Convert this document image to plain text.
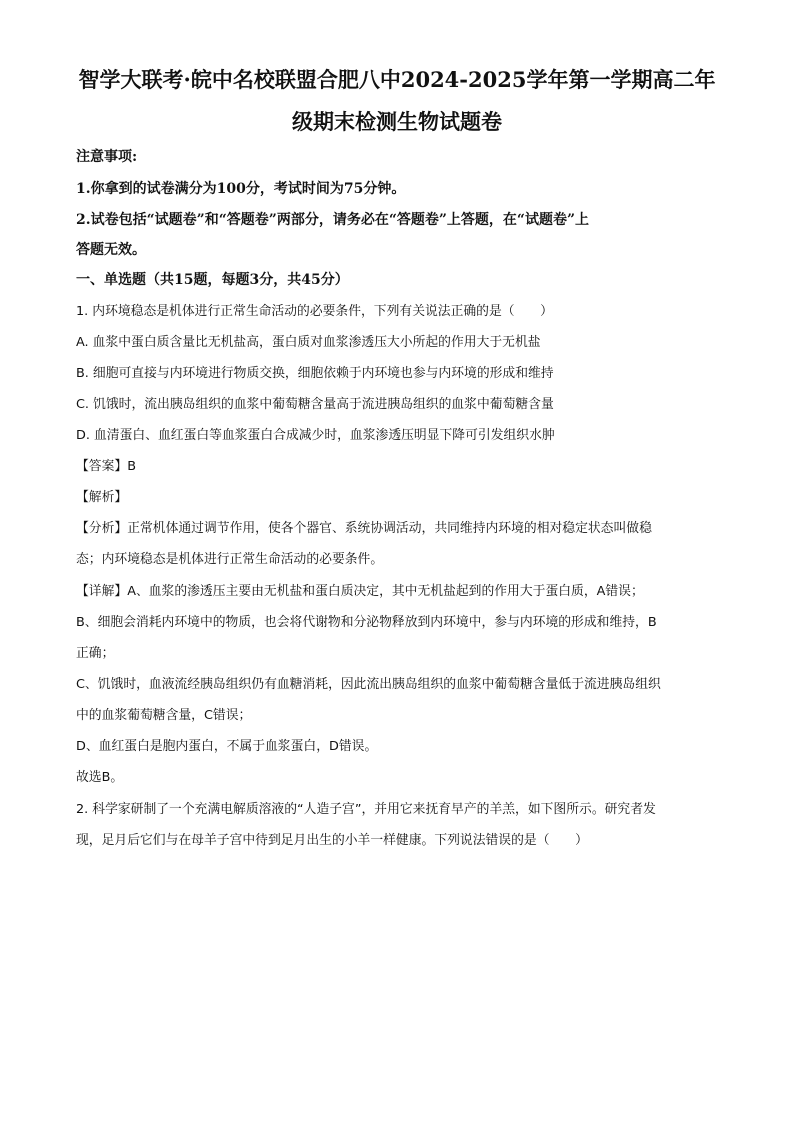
智学大联考·皖中名校联盟合肥八中2024-2025学年第一学期高二年
级期末检测生物试题卷
注意事项:
1.你拿到的试卷满分为100分，考试时间为75分钟。
2.试卷包括“试题卷”和“答题卷”两部分，请务必在“答题卷”上答题，在“试题卷”上
答题无效。
一、单选题（共15题，每题3分，共45分）
1. 内环境稳态是机体进行正常生命活动的必要条件，下列有关说法正确的是（　　）
A. 血浆中蛋白质含量比无机盐高，蛋白质对血浆渗透压大小所起的作用大于无机盐
B. 细胞可直接与内环境进行物质交换，细胞依赖于内环境也参与内环境的形成和维持
C. 饥饿时，流出胰岛组织的血浆中葡萄糖含量高于流进胰岛组织的血浆中葡萄糖含量
D. 血清蛋白、血红蛋白等血浆蛋白合成减少时，血浆渗透压明显下降可引发组织水肿
【答案】B
【解析】
【分析】正常机体通过调节作用，使各个器官、系统协调活动，共同维持内环境的相对稳定状态叫做稳
态；内环境稳态是机体进行正常生命活动的必要条件。
【详解】A、血浆的渗透压主要由无机盐和蛋白质决定，其中无机盐起到的作用大于蛋白质，A错误；
B、细胞会消耗内环境中的物质，也会将代谢物和分泌物释放到内环境中，参与内环境的形成和维持，B
正确；
C、饥饿时，血液流经胰岛组织仍有血糖消耗，因此流出胰岛组织的血浆中葡萄糖含量低于流进胰岛组织
中的血浆葡萄糖含量，C错误；
D、血红蛋白是胞内蛋白，不属于血浆蛋白，D错误。
故选B。
2. 科学家研制了一个充满电解质溶液的“人造子宫”，并用它来抚育早产的羊羔，如下图所示。研究者发
现，足月后它们与在母羊子宫中待到足月出生的小羊一样健康。下列说法错误的是（　　）
